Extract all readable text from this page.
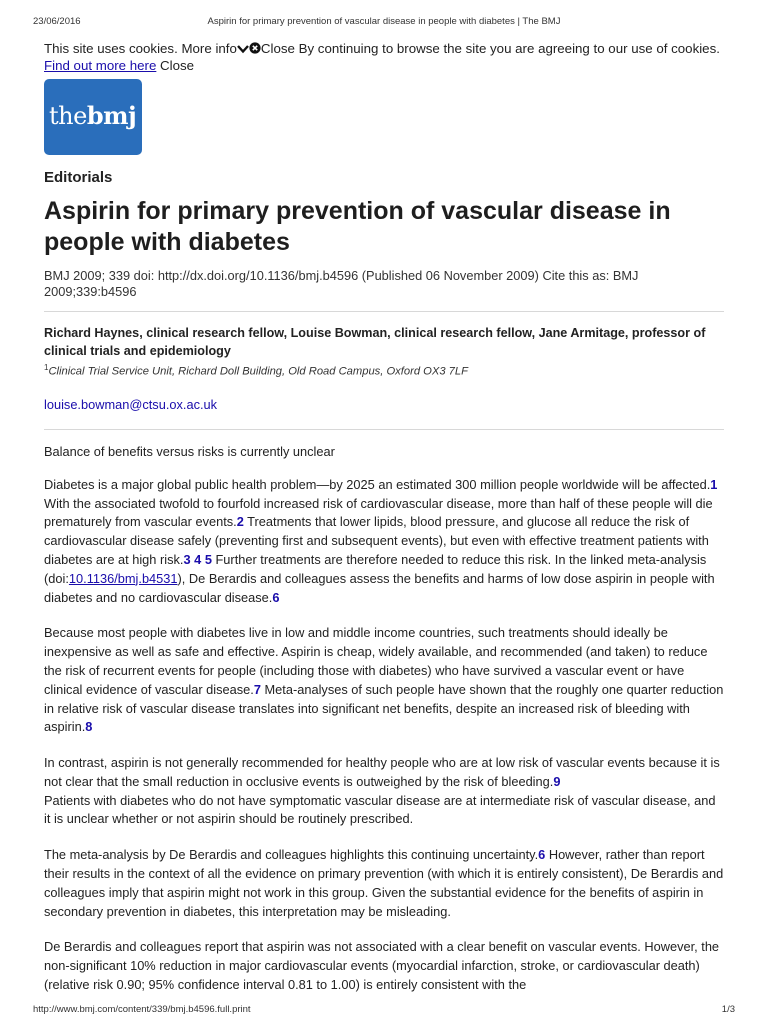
23/06/2016	Aspirin for primary prevention of vascular disease in people with diabetes | The BMJ
This site uses cookies. More info Close By continuing to browse the site you are agreeing to our use of cookies. Find out more here Close
thebmj
Editorials
Aspirin for primary prevention of vascular disease in people with diabetes
BMJ 2009; 339 doi: http://dx.doi.org/10.1136/bmj.b4596 (Published 06 November 2009) Cite this as: BMJ 2009;339:b4596
Richard Haynes, clinical research fellow, Louise Bowman, clinical research fellow, Jane Armitage, professor of clinical trials and epidemiology
$^1$Clinical Trial Service Unit, Richard Doll Building, Old Road Campus, Oxford OX3 7LF
louise.bowman@ctsu.ox.ac.uk
Balance of benefits versus risks is currently unclear

Diabetes is a major global public health problem—by 2025 an estimated 300 million people worldwide will be affected.1 With the associated twofold to fourfold increased risk of cardiovascular disease, more than half of these people will die prematurely from vascular events.2 Treatments that lower lipids, blood pressure, and glucose all reduce the risk of cardiovascular disease safely (preventing first and subsequent events), but even with effective treatment patients with diabetes are at high risk.3 4 5 Further treatments are therefore needed to reduce this risk. In the linked meta-analysis (doi:10.1136/bmj.b4531), De Berardis and colleagues assess the benefits and harms of low dose aspirin in people with diabetes and no cardiovascular disease.6

Because most people with diabetes live in low and middle income countries, such treatments should ideally be inexpensive as well as safe and effective. Aspirin is cheap, widely available, and recommended (and taken) to reduce the risk of recurrent events for people (including those with diabetes) who have survived a vascular event or have clinical evidence of vascular disease.7 Meta-analyses of such people have shown that the roughly one quarter reduction in relative risk of vascular disease translates into significant net benefits, despite an increased risk of bleeding with aspirin.8

In contrast, aspirin is not generally recommended for healthy people who are at low risk of vascular events because it is not clear that the small reduction in occlusive events is outweighed by the risk of bleeding.9
Patients with diabetes who do not have symptomatic vascular disease are at intermediate risk of vascular disease, and it is unclear whether or not aspirin should be routinely prescribed.

The meta-analysis by De Berardis and colleagues highlights this continuing uncertainty.6 However, rather than report their results in the context of all the evidence on primary prevention (with which it is entirely consistent), De Berardis and colleagues imply that aspirin might not work in this group. Given the substantial evidence for the benefits of aspirin in secondary prevention in diabetes, this interpretation may be misleading.

De Berardis and colleagues report that aspirin was not associated with a clear benefit on vascular events. However, the non-significant 10% reduction in major cardiovascular events (myocardial infarction, stroke, or cardiovascular death) (relative risk 0.90; 95% confidence interval 0.81 to 1.00) is entirely consistent with the

http://www.bmj.com/content/339/bmj.b4596.full.print	1/3
